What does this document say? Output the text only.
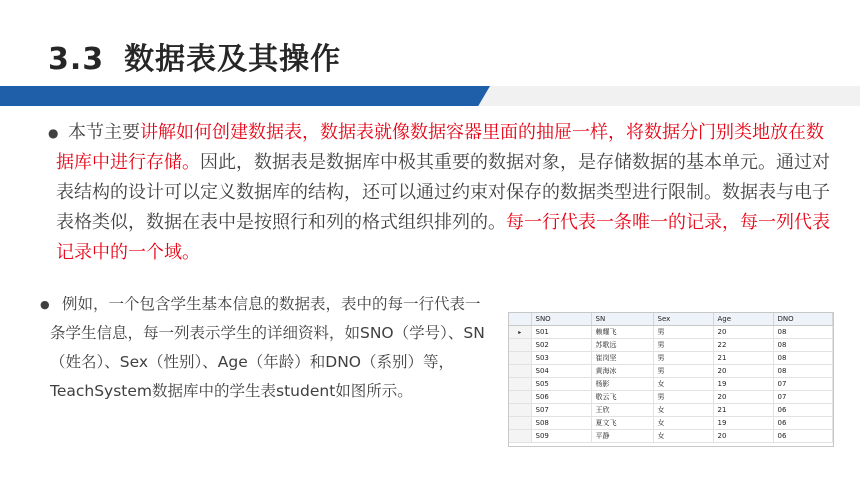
3.3 数据表及其操作

● 本节主要讲解如何创建数据表，数据表就像数据容器里面的抽屉一样，将数据分门别类地放在数据库中进行存储。因此，数据表是数据库中极其重要的数据对象，是存储数据的基本单元。通过对表结构的设计可以定义数据库的结构，还可以通过约束对保存的数据类型进行限制。数据表与电子表格类似，数据在表中是按照行和列的格式组织排列的。每一行代表一条唯一的记录，每一列代表记录中的一个域。

● 例如，一个包含学生基本信息的数据表，表中的每一行代表一条学生信息，每一列表示学生的详细资料，如SNO（学号）、SN（姓名）、Sex（性别）、Age（年龄）和DNO（系别）等，TeachSystem数据库中的学生表student如图所示。

	SNO	SN	Sex	Age	DNO
▸	S01	赖耀飞	男	20	08
	S02	苏歌远	男	22	08
	S03	崔岗坚	男	21	08
	S04	黄海冰	男	20	08
	S05	杨影	女	19	07
	S06	敬云飞	男	20	07
	S07	王欣	女	21	06
	S08	夏文飞	女	19	06
	S09	平静	女	20	06
